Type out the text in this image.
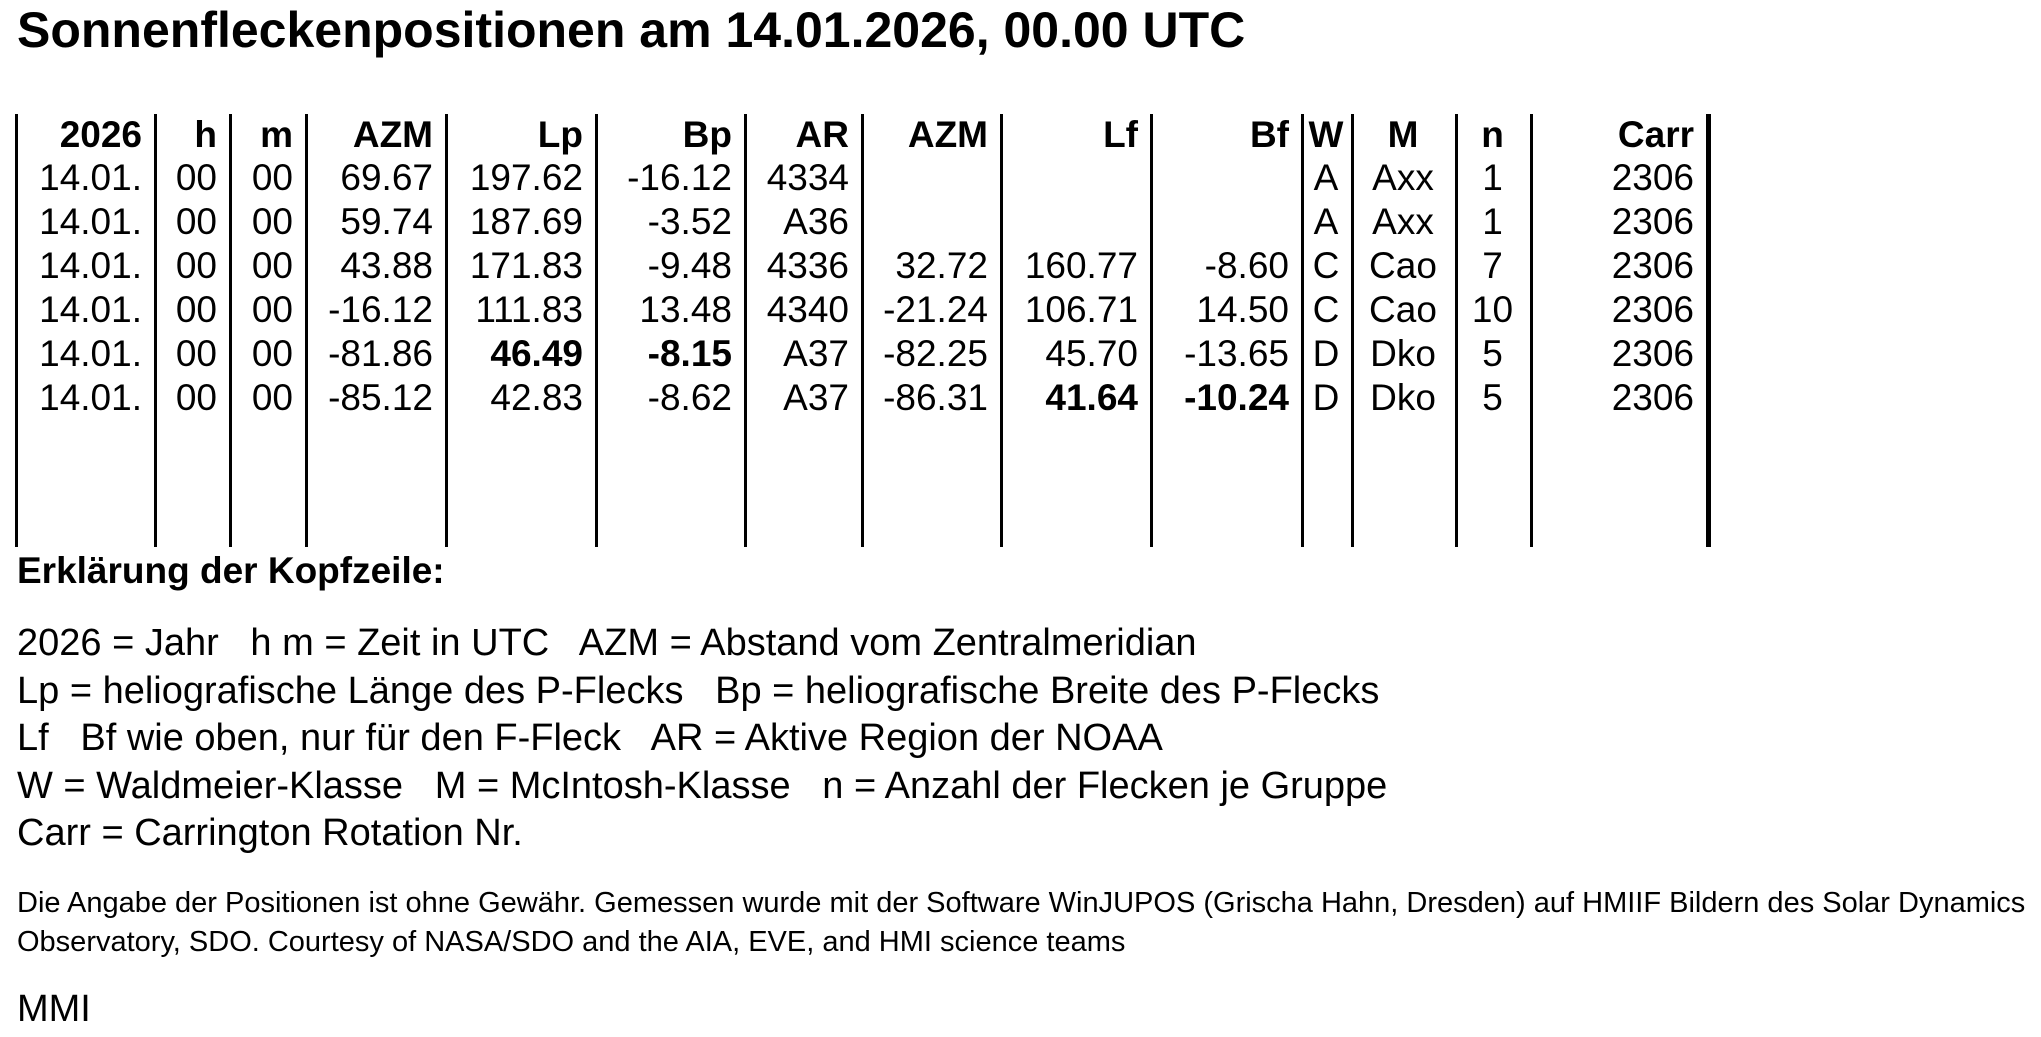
Sonnenfleckenpositionen am 14.01.2026, 00.00 UTC
2026	h	m	AZM	Lp	Bp	AR	AZM	Lf	Bf	W	M	n	Carr
14.01.	00	00	69.67	197.62	-16.12	4334				A	Axx	1	2306
14.01.	00	00	59.74	187.69	-3.52	A36				A	Axx	1	2306
14.01.	00	00	43.88	171.83	-9.48	4336	32.72	160.77	-8.60	C	Cao	7	2306
14.01.	00	00	-16.12	111.83	13.48	4340	-21.24	106.71	14.50	C	Cao	10	2306
14.01.	00	00	-81.86	46.49	-8.15	A37	-82.25	45.70	-13.65	D	Dko	5	2306
14.01.	00	00	-85.12	42.83	-8.62	A37	-86.31	41.64	-10.24	D	Dko	5	2306
Erklärung der Kopfzeile:
2026 = Jahr   h m = Zeit in UTC   AZM = Abstand vom Zentralmeridian
Lp = heliografische Länge des P-Flecks   Bp = heliografische Breite des P-Flecks
Lf   Bf wie oben, nur für den F-Fleck   AR = Aktive Region der NOAA
W = Waldmeier-Klasse   M = McIntosh-Klasse   n = Anzahl der Flecken je Gruppe
Carr = Carrington Rotation Nr.

Die Angabe der Positionen ist ohne Gewähr. Gemessen wurde mit der Software WinJUPOS (Grischa Hahn, Dresden) auf HMIIF Bildern des Solar Dynamics Observatory, SDO. Courtesy of NASA/SDO and the AIA, EVE, and HMI science teams

MMI
